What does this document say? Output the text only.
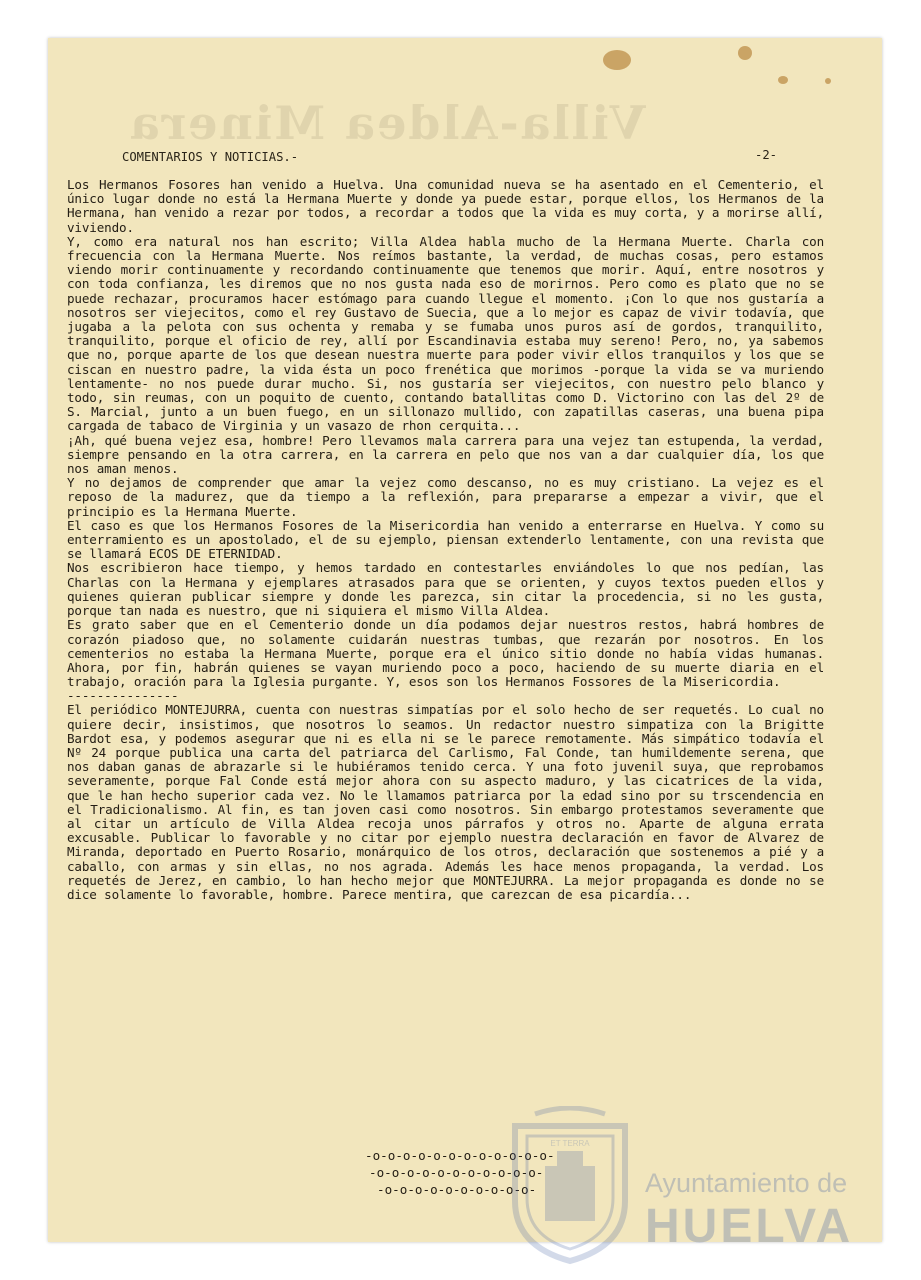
Villa-Aldea Minera
COMENTARIOS Y NOTICIAS.-	-2-

Los Hermanos Fosores han venido a Huelva. Una comunidad nueva se ha asentado en el Cementerio, el único lugar donde no está la Hermana Muerte y donde ya puede estar, porque ellos, los Hermanos de la Hermana, han venido a rezar por todos, a recordar a todos que la vida es muy corta, y a morirse allí, viviendo.

Y, como era natural nos han escrito; Villa Aldea habla mucho de la Hermana Muerte. Charla con frecuencia con la Hermana Muerte. Nos reímos bastante, la verdad, de muchas cosas, pero estamos viendo morir continuamente y recordando continuamente que tenemos que morir. Aquí, entre nosotros y con toda confianza, les diremos que no nos gusta nada eso de morirnos. Pero como es plato que no se puede rechazar, procuramos hacer estómago para cuando llegue el momento. ¡Con lo que nos gustaría a nosotros ser viejecitos, como el rey Gustavo de Suecia, que a lo mejor es capaz de vivir todavía, que jugaba a la pelota con sus ochenta y remaba y se fumaba unos puros así de gordos, tranquilito, tranquilito, porque el oficio de rey, allí por Escandinavia estaba muy sereno! Pero, no, ya sabemos que no, porque aparte de los que desean nuestra muerte para poder vivir ellos tranquilos y los que se ciscan en nuestro padre, la vida ésta un poco frenética que morimos -porque la vida se va muriendo lentamente- no nos puede durar mucho. Si, nos gustaría ser viejecitos, con nuestro pelo blanco y todo, sin reumas, con un poquito de cuento, contando batallitas como D. Victorino con las del 2º de S. Marcial, junto a un buen fuego, en un sillonazo mullido, con zapatillas caseras, una buena pipa cargada de tabaco de Virginia y un vasazo de rhon cerquita...

¡Ah, qué buena vejez esa, hombre! Pero llevamos mala carrera para una vejez tan estupenda, la verdad, siempre pensando en la otra carrera, en la carrera en pelo que nos van a dar cualquier día, los que nos aman menos.

Y no dejamos de comprender que amar la vejez como descanso, no es muy cristiano. La vejez es el reposo de la madurez, que da tiempo a la reflexión, para prepararse a empezar a vivir, que el principio es la Hermana Muerte.

El caso es que los Hermanos Fosores de la Misericordia han venido a enterrarse en Huelva. Y como su enterramiento es un apostolado, el de su ejemplo, piensan extenderlo lentamente, con una revista que se llamará ECOS DE ETERNIDAD.

Nos escribieron hace tiempo, y hemos tardado en contestarles enviándoles lo que nos pedían, las Charlas con la Hermana y ejemplares atrasados para que se orienten, y cuyos textos pueden ellos y quienes quieran publicar siempre y donde les parezca, sin citar la procedencia, si no les gusta, porque tan nada es nuestro, que ni siquiera el mismo Villa Aldea.

Es grato saber que en el Cementerio donde un día podamos dejar nuestros restos, habrá hombres de corazón piadoso que, no solamente cuidarán nuestras tumbas, que rezarán por nosotros. En los cementerios no estaba la Hermana Muerte, porque era el único sitio donde no había vidas humanas. Ahora, por fin, habrán quienes se vayan muriendo poco a poco, haciendo de su muerte diaria en el trabajo, oración para la Iglesia purgante. Y, esos son los Hermanos Fossores de la Misericordia.

---------------

El periódico MONTEJURRA, cuenta con nuestras simpatías por el solo hecho de ser requetés. Lo cual no quiere decir, insistimos, que nosotros lo seamos. Un redactor nuestro simpatiza con la Brigitte Bardot esa, y podemos asegurar que ni es ella ni se le parece remotamente. Más simpático todavía el Nº 24 porque publica una carta del patriarca del Carlismo, Fal Conde, tan humildemente serena, que nos daban ganas de abrazarle si le hubiéramos tenido cerca. Y una foto juvenil suya, que reprobamos severamente, porque Fal Conde está mejor ahora con su aspecto maduro, y las cicatrices de la vida, que le han hecho superior cada vez. No le llamamos patriarca por la edad sino por su trscendencia en el Tradicionalismo. Al fin, es tan joven casi como nosotros. Sin embargo protestamos severamente que al citar un artículo de Villa Aldea recoja unos párrafos y otros no. Aparte de alguna errata excusable. Publicar lo favorable y no citar por ejemplo nuestra declaración en favor de Alvarez de Miranda, deportado en Puerto Rosario, monárquico de los otros, declaración que sostenemos a pié y a caballo, con armas y sin ellas, no nos agrada. Además les hace menos propaganda, la verdad. Los requetés de Jerez, en cambio, lo han hecho mejor que MONTEJURRA. La mejor propaganda es donde no se dice solamente lo favorable, hombre. Parece mentira, que carezcan de esa picardía...

-o-o-o-o-o-o-o-o-o-o-o-o-
-o-o-o-o-o-o-o-o-o-o-o-
-o-o-o-o-o-o-o-o-o-o-
ET TERRA
Ayuntamiento de
HUELVA
